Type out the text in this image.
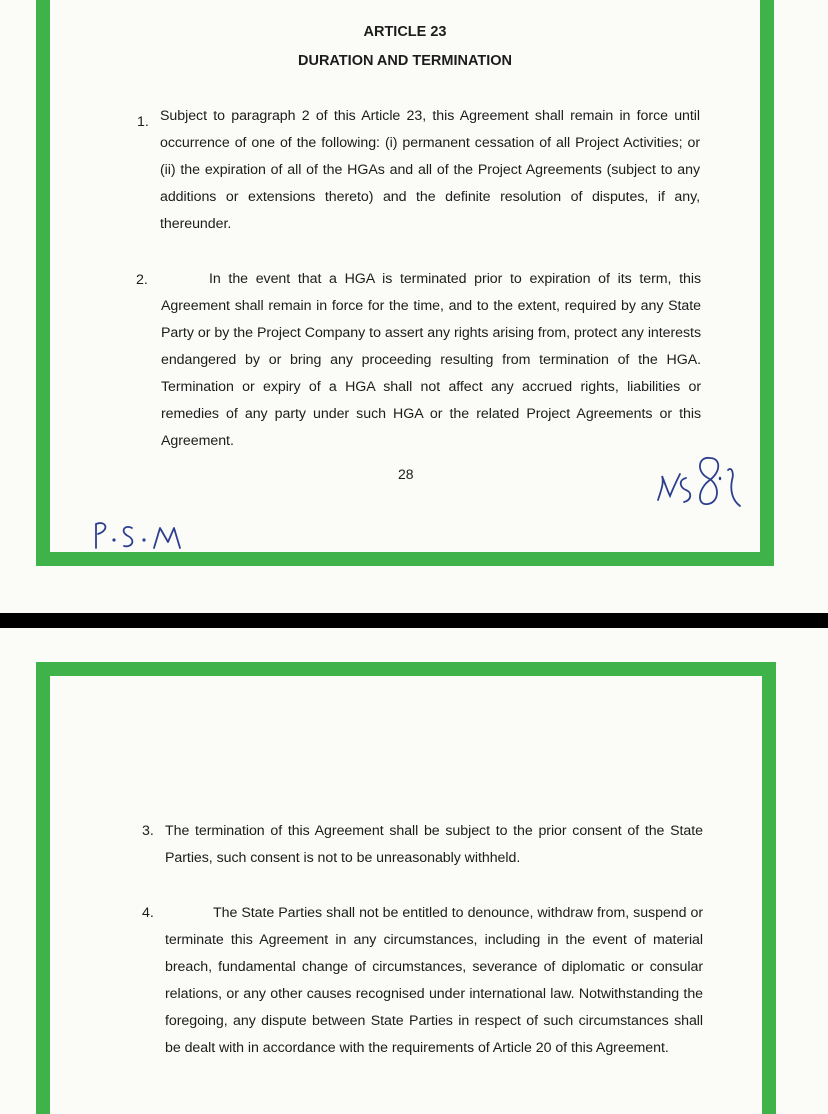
ARTICLE 23
DURATION AND TERMINATION
1. Subject to paragraph 2 of this Article 23, this Agreement shall remain in force until occurrence of one of the following: (i) permanent cessation of all Project Activities; or (ii) the expiration of all of the HGAs and all of the Project Agreements (subject to any additions or extensions thereto) and the definite resolution of disputes, if any, thereunder.
2.	In the event that a HGA is terminated prior to expiration of its term, this Agreement shall remain in force for the time, and to the extent, required by any State Party or by the Project Company to assert any rights arising from, protect any interests endangered by or bring any proceeding resulting from termination of the HGA. Termination or expiry of a HGA shall not affect any accrued rights, liabilities or remedies of any party under such HGA or the related Project Agreements or this Agreement.
28
3. The termination of this Agreement shall be subject to the prior consent of the State Parties, such consent is not to be unreasonably withheld.
4.	The State Parties shall not be entitled to denounce, withdraw from, suspend or terminate this Agreement in any circumstances, including in the event of material breach, fundamental change of circumstances, severance of diplomatic or consular relations, or any other causes recognised under international law. Notwithstanding the foregoing, any dispute between State Parties in respect of such circumstances shall be dealt with in accordance with the requirements of Article 20 of this Agreement.
